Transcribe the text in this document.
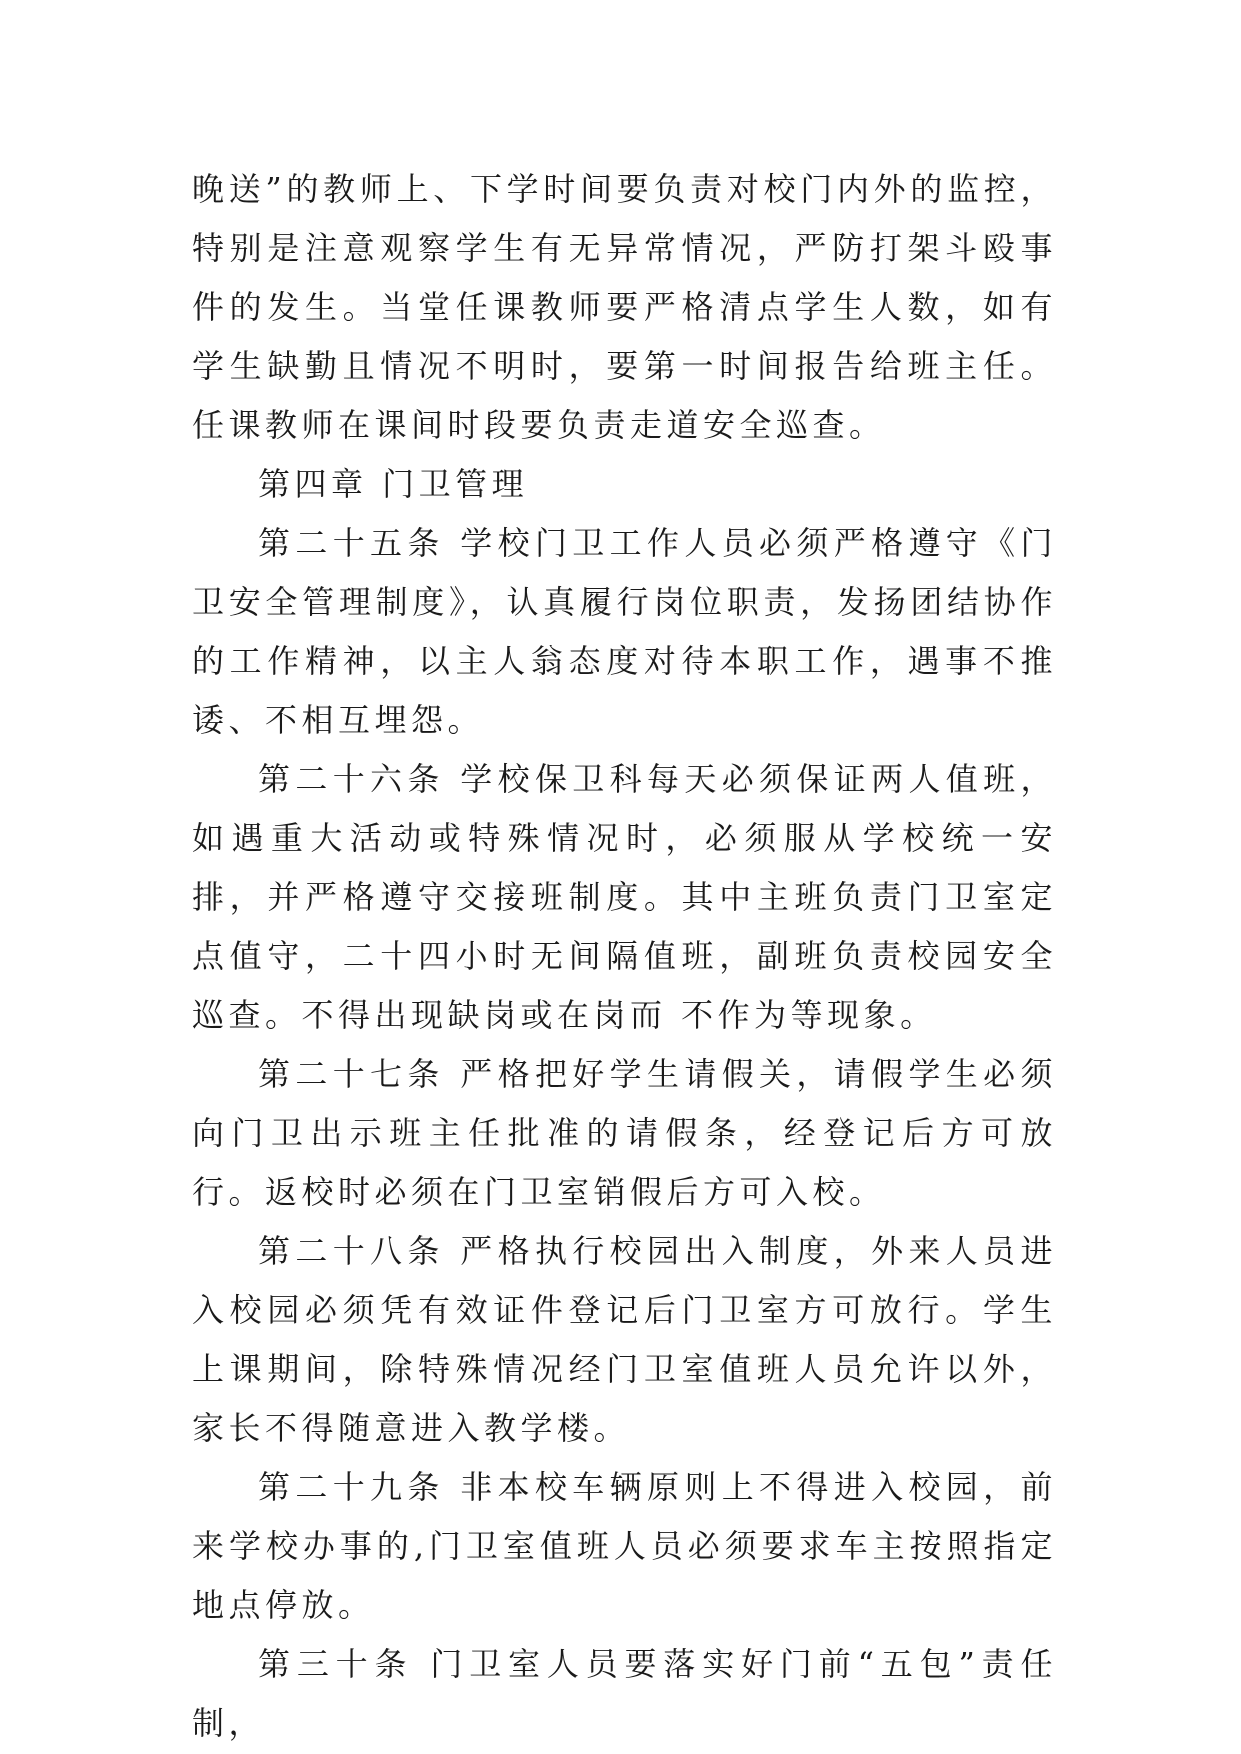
晚送”的教师上、下学时间要负责对校门内外的监控，特别是注意观察学生有无异常情况，严防打架斗殴事件的发生。当堂任课教师要严格清点学生人数，如有学生缺勤且情况不明时，要第一时间报告给班主任。任课教师在课间时段要负责走道安全巡查。

第四章 门卫管理

第二十五条 学校门卫工作人员必须严格遵守《门卫安全管理制度》，认真履行岗位职责，发扬团结协作的工作精神，以主人翁态度对待本职工作，遇事不推诿、不相互埋怨。

第二十六条 学校保卫科每天必须保证两人值班，如遇重大活动或特殊情况时，必须服从学校统一安排，并严格遵守交接班制度。其中主班负责门卫室定点值守，二十四小时无间隔值班，副班负责校园安全巡查。不得出现缺岗或在岗而 不作为等现象。

第二十七条 严格把好学生请假关，请假学生必须向门卫出示班主任批准的请假条，经登记后方可放行。返校时必须在门卫室销假后方可入校。

第二十八条 严格执行校园出入制度，外来人员进入校园必须凭有效证件登记后门卫室方可放行。学生上课期间，除特殊情况经门卫室值班人员允许以外，家长不得随意进入教学楼。

第二十九条 非本校车辆原则上不得进入校园，前来学校办事的,门卫室值班人员必须要求车主按照指定地点停放。

第三十条 门卫室人员要落实好门前“五包”责任制，
